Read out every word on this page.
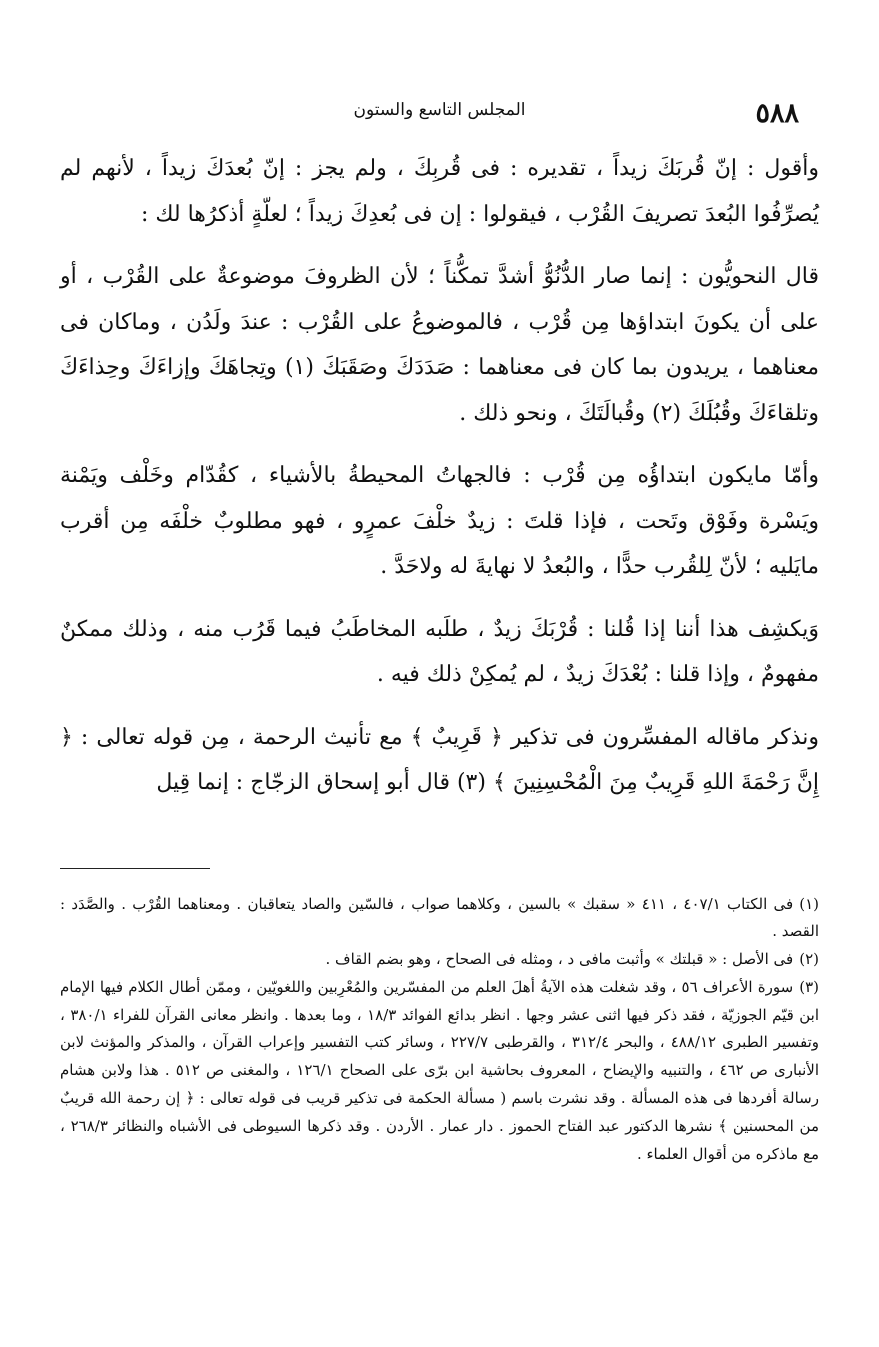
٥٨٨
المجلس التاسع والستون

وأقول : إنّ قُربَكَ زيداً ، تقديره : فى قُربِكَ ، ولم يجز : إنّ بُعدَكَ زيداً ، لأنهم لم يُصرِّفُوا البُعدَ تصريفَ القُرْب ، فيقولوا : إن فى بُعدِكَ زيداً ؛ لعلّةٍ أذكرُها لك :

قال النحويُّون : إنما صار الدُّنُوُّ أشدَّ تمكُّناً ؛ لأن الظروفَ موضوعةٌ على القُرْب ، أو على أن يكونَ ابتداؤها مِن قُرْب ، فالموضوعُ على القُرْب : عندَ ولَدُن ، وماكان فى معناهما ، يريدون بما كان فى معناهما : صَدَدَكَ وصَقَبَكَ (١) وتِجاهَكَ وإزاءَكَ وحِذاءَكَ وتلقاءَكَ وقُبُلَكَ (٢) وقُبالَتَكَ ، ونحو ذلك .

وأمّا مايكون ابتداؤُه مِن قُرْب : فالجهاتُ المحيطةُ بالأشياء ، كقُدّام وخَلْف ويَمْنة ويَسْرة وفَوْق وتَحت ، فإذا قلتَ : زيدٌ خلْفَ عمرٍو ، فهو مطلوبٌ خلْفَه مِن أقرب مايَليه ؛ لأنّ لِلقُرب حدًّا ، والبُعدُ لا نهايةَ له ولاحَدَّ .

وَيكشِف هذا أننا إذا قُلنا : قُرْبَكَ زيدٌ ، طلَبه المخاطَبُ فيما قَرُب منه ، وذلك ممكنٌ مفهومٌ ، وإذا قلنا : بُعْدَكَ زيدٌ ، لم يُمكِنْ ذلك فيه .

ونذكر ماقاله المفسِّرون فى تذكير ﴿ قَرِيبٌ ﴾ مع تأنيث الرحمة ، مِن قوله تعالى : ﴿ إِنَّ رَحْمَةَ اللهِ قَرِيبٌ مِنَ الْمُحْسِنِينَ ﴾ (٣) قال أبو إسحاق الزجّاج : إنما قِيل

(١)فى الكتاب ٤٠٧/١ ، ٤١١ « سقبك » بالسين ، وكلاهما صواب ، فالسّين والصاد يتعاقبان . ومعناهما القُرْب . والصَّدَد : القصد .

(٢)فى الأصل : « قبلتك » وأثبت مافى د ، ومثله فى الصحاح ، وهو بضم القاف .

(٣)سورة الأعراف ٥٦ ، وقد شغلت هذه الآيةُ أهلَ العلم من المفسّرين والمُعْرِبين واللغويّين ، وممّن أطال الكلام فيها الإمام ابن قيّم الجوزيّة ، فقد ذكر فيها اثنى عشر وجها . انظر بدائع الفوائد ١٨/٣ ، وما بعدها . وانظر معانى القرآن للفراء ٣٨٠/١ ، وتفسير الطبرى ٤٨٨/١٢ ، والبحر ٣١٢/٤ ، والقرطبى ٢٢٧/٧ ، وسائر كتب التفسير وإعراب القرآن ، والمذكر والمؤنث لابن الأنبارى ص ٤٦٢ ، والتنبيه والإيضاح ، المعروف بحاشية ابن برّى على الصحاح ١٢٦/١ ، والمغنى ص ٥١٢ . هذا ولابن هشام رسالة أفردها فى هذه المسألة . وقد نشرت باسم ( مسألة الحكمة فى تذكير قريب فى قوله تعالى : ﴿ إن رحمة الله قريبٌ من المحسنين ﴾ نشرها الدكتور عبد الفتاح الحموز . دار عمار . الأردن . وقد ذكرها السيوطى فى الأشباه والنظائر ٢٦٨/٣ ، مع ماذكره من أقوال العلماء .
